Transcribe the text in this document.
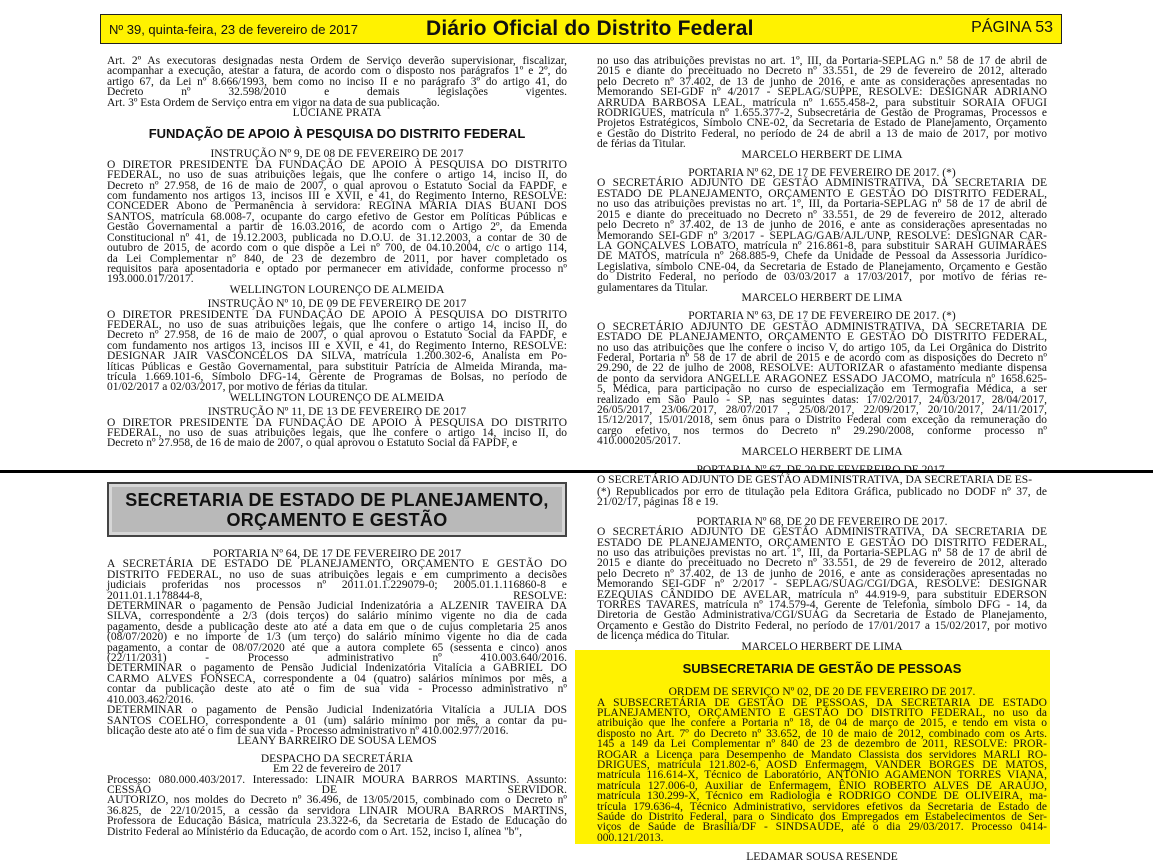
Nº 39, quinta-feira, 23 de fevereiro de 2017	Diário Oficial do Distrito Federal	PÁGINA 53

Art. 2º As executoras designadas nesta Ordem de Serviço deverão supervisionar, fiscalizar,

acompanhar a execução, atestar a fatura, de acordo com o disposto nos parágrafos 1º e 2º, do

artigo 67, da Lei nº 8.666/1993, bem como no inciso II e no parágrafo 3º do artigo 41, do

Decreto nº 32.598/2010 e demais legislações vigentes.

Art. 3º Esta Ordem de Serviço entra em vigor na data de sua publicação.

LUCIANE PRATA

FUNDAÇÃO DE APOIO À PESQUISA DO DISTRITO FEDERAL

INSTRUÇÃO Nº 9, DE 08 DE FEVEREIRO DE 2017

O DIRETOR PRESIDENTE DA FUNDAÇÃO DE APOIO À PESQUISA DO DISTRITO

FEDERAL, no uso de suas atribuições legais, que lhe confere o artigo 14, inciso II, do

Decreto nº 27.958, de 16 de maio de 2007, o qual aprovou o Estatuto Social da FAPDF, e

com fundamento nos artigos 13, incisos III e XVII, e 41, do Regimento Interno, RESOLVE:

CONCEDER Abono de Permanência à servidora: REGINA MARIA DIAS BUANI DOS

SANTOS, matrícula 68.008-7, ocupante do cargo efetivo de Gestor em Políticas Públicas e

Gestão Governamental a partir de 16.03.2016, de acordo com o Artigo 2º, da Emenda

Constitucional nº 41, de 19.12.2003, publicada no D.O.U. de 31.12.2003, a contar de 30 de

outubro de 2015, de acordo com o que dispõe a Lei nº 700, de 04.10.2004, c/c o artigo 114,

da Lei Complementar nº 840, de 23 de dezembro de 2011, por haver completado os

requisitos para aposentadoria e optado por permanecer em atividade, conforme processo nº

193.000.017/2017.

WELLINGTON LOURENÇO DE ALMEIDA

INSTRUÇÃO Nº 10, DE 09 DE FEVEREIRO DE 2017

O DIRETOR PRESIDENTE DA FUNDAÇÃO DE APOIO À PESQUISA DO DISTRITO

FEDERAL, no uso de suas atribuições legais, que lhe confere o artigo 14, inciso II, do

Decreto nº 27.958, de 16 de maio de 2007, o qual aprovou o Estatuto Social da FAPDF, e

com fundamento nos artigos 13, incisos III e XVII, e 41, do Regimento Interno, RESOLVE:

DESIGNAR JAIR VASCONCELOS DA SILVA, matrícula 1.200.302-6, Analista em Po-

líticas Públicas e Gestão Governamental, para substituir Patrícia de Almeida Miranda, ma-

trícula 1.669.101-6, Símbolo DFG-14, Gerente de Programas de Bolsas, no período de

01/02/2017 a 02/03/2017, por motivo de férias da titular.

WELLINGTON LOURENÇO DE ALMEIDA

INSTRUÇÃO Nº 11, DE 13 DE FEVEREIRO DE 2017

O DIRETOR PRESIDENTE DA FUNDAÇÃO DE APOIO À PESQUISA DO DISTRITO

FEDERAL, no uso de suas atribuições legais, que lhe confere o artigo 14, inciso II, do

Decreto nº 27.958, de 16 de maio de 2007, o qual aprovou o Estatuto Social da FAPDF, e

no uso das atribuições previstas no art. 1º, III, da Portaria-SEPLAG n.º 58 de 17 de abril de

2015 e diante do preceituado no Decreto nº 33.551, de 29 de fevereiro de 2012, alterado

pelo Decreto nº 37.402, de 13 de junho de 2016, e ante as considerações apresentadas no

Memorando SEI-GDF nº 4/2017 - SEPLAG/SUPPE, RESOLVE: DESIGNAR ADRIANO

ARRUDA BARBOSA LEAL, matrícula nº 1.655.458-2, para substituir SORAIA OFUGI

RODRIGUES, matrícula nº 1.655.377-2, Subsecretária de Gestão de Programas, Processos e

Projetos Estratégicos, Símbolo CNE-02, da Secretaria de Estado de Planejamento, Orçamento

e Gestão do Distrito Federal, no período de 24 de abril a 13 de maio de 2017, por motivo

de férias da Titular.

MARCELO HERBERT DE LIMA

PORTARIA Nº 62, DE 17 DE FEVEREIRO DE 2017. (*)

O SECRETÁRIO ADJUNTO DE GESTÃO ADMINISTRATIVA, DA SECRETARIA DE

ESTADO DE PLANEJAMENTO, ORÇAMENTO E GESTÃO DO DISTRITO FEDERAL,

no uso das atribuições previstas no art. 1º, III, da Portaria-SEPLAG nº 58 de 17 de abril de

2015 e diante do preceituado no Decreto nº 33.551, de 29 de fevereiro de 2012, alterado

pelo Decreto nº 37.402, de 13 de junho de 2016, e ante as considerações apresentadas no

Memorando SEI-GDF nº 3/2017 - SEPLAG/GAB/AJL/UNP, RESOLVE: DESIGNAR CAR-

LA GONÇALVES LOBATO, matrícula nº 216.861-8, para substituir SARAH GUIMARÃES

DE MATOS, matrícula nº 268.885-9, Chefe da Unidade de Pessoal da Assessoria Jurídico-

Legislativa, símbolo CNE-04, da Secretaria de Estado de Planejamento, Orçamento e Gestão

do Distrito Federal, no período de 03/03/2017 a 17/03/2017, por motivo de férias re-

gulamentares da Titular.

MARCELO HERBERT DE LIMA

PORTARIA Nº 63, DE 17 DE FEVEREIRO DE 2017. (*)

O SECRETÁRIO ADJUNTO DE GESTÃO ADMINISTRATIVA, DA SECRETARIA DE

ESTADO DE PLANEJAMENTO, ORÇAMENTO E GESTÃO DO DISTRITO FEDERAL,

no uso das atribuições que lhe confere o inciso V, do artigo 105, da Lei Orgânica do Distrito

Federal, Portaria nº 58 de 17 de abril de 2015 e de acordo com as disposições do Decreto nº

29.290, de 22 de julho de 2008, RESOLVE: AUTORIZAR o afastamento mediante dispensa

de ponto da servidora ANGELLE ARAGONEZ ESSADO JACOMO, matrícula nº 1658.625-

5, Médica, para participação no curso de especialização em Termografia Médica, a ser

realizado em São Paulo - SP, nas seguintes datas: 17/02/2017, 24/03/2017, 28/04/2017,

26/05/2017, 23/06/2017, 28/07/2017 , 25/08/2017, 22/09/2017, 20/10/2017, 24/11/2017,

15/12/2017, 15/01/2018, sem ônus para o Distrito Federal com exceção da remuneração do

cargo efetivo, nos termos do Decreto nº 29.290/2008, conforme processo nº

410.000205/2017.

MARCELO HERBERT DE LIMA

O SECRETÁRIO ADJUNTO DE GESTÃO ADMINISTRATIVA, DA SECRETARIA DE ES-

SECRETARIA DE ESTADO DE PLANEJAMENTO,
ORÇAMENTO E GESTÃO

PORTARIA Nº 64, DE 17 DE FEVEREIRO DE 2017

A SECRETÁRIA DE ESTADO DE PLANEJAMENTO, ORÇAMENTO E GESTÃO DO

DISTRITO FEDERAL, no uso de suas atribuições legais e em cumprimento a decisões

judiciais proferidas nos processos nº 2011.01.1.229079-0; 2005.01.1.116860-8 e

2011.01.1.178844-8, RESOLVE:

DETERMINAR o pagamento de Pensão Judicial Indenizatória a ALZENIR TAVEIRA DA

SILVA, correspondente a 2/3 (dois terços) do salário mínimo vigente no dia de cada

pagamento, desde a publicação deste ato até a data em que o de cujus completaria 25 anos

(08/07/2020) e no importe de 1/3 (um terço) do salário mínimo vigente no dia de cada

pagamento, a contar de 08/07/2020 até que a autora complete 65 (sessenta e cinco) anos

(22/11/2031) - Processo administrativo nº 410.003.640/2016.

DETERMINAR o pagamento de Pensão Judicial Indenizatória Vitalícia a GABRIEL DO

CARMO ALVES FONSECA, correspondente a 04 (quatro) salários mínimos por mês, a

contar da publicação deste ato até o fim de sua vida - Processo administrativo nº

410.003.462/2016.

DETERMINAR o pagamento de Pensão Judicial Indenizatória Vitalícia a JULIA DOS

SANTOS COELHO, correspondente a 01 (um) salário mínimo por mês, a contar da pu-

blicação deste ato até o fim de sua vida - Processo administrativo nº 410.002.977/2016.

LEANY BARREIRO DE SOUSA LEMOS

DESPACHO DA SECRETÁRIA

Em 22 de fevereiro de 2017

Processo: 080.000.403/2017. Interessado: LINAIR MOURA BARROS MARTINS. Assunto:

CESSÃO DE SERVIDOR.

AUTORIZO, nos moldes do Decreto nº 36.496, de 13/05/2015, combinado com o Decreto nº

36.825, de 22/10/2015, a cessão da servidora LINAIR MOURA BARROS MARTINS,

Professora de Educação Básica, matrícula 23.322-6, da Secretaria de Estado de Educação do

Distrito Federal ao Ministério da Educação, de acordo com o Art. 152, inciso I, alínea "b",

(*) Republicados por erro de titulação pela Editora Gráfica, publicado no DODF nº 37, de

21/02/17, páginas 18 e 19.

PORTARIA Nº 68, DE 20 DE FEVEREIRO DE 2017.

O SECRETÁRIO ADJUNTO DE GESTÃO ADMINISTRATIVA, DA SECRETARIA DE

ESTADO DE PLANEJAMENTO, ORÇAMENTO E GESTÃO DO DISTRITO FEDERAL,

no uso das atribuições previstas no art. 1º, III, da Portaria-SEPLAG nº 58 de 17 de abril de

2015 e diante do preceituado no Decreto nº 33.551, de 29 de fevereiro de 2012, alterado

pelo Decreto nº 37.402, de 13 de junho de 2016, e ante as considerações apresentadas no

Memorando SEI-GDF nº 2/2017 - SEPLAG/SUAG/CGI/DGA, RESOLVE: DESIGNAR

EZEQUIAS CÂNDIDO DE AVELAR, matrícula nº 44.919-9, para substituir EDERSON

TORRES TAVARES, matrícula nº 174.579-4, Gerente de Telefonia, símbolo DFG - 14, da

Diretoria de Gestão Administrativa/CGI/SUAG da Secretaria de Estado de Planejamento,

Orçamento e Gestão do Distrito Federal, no período de 17/01/2017 a 15/02/2017, por motivo

de licença médica do Titular.

MARCELO HERBERT DE LIMA

SUBSECRETARIA DE GESTÃO DE PESSOAS

ORDEM DE SERVIÇO Nº 02, DE 20 DE FEVEREIRO DE 2017.

A SUBSECRETÁRIA DE GESTÃO DE PESSOAS, DA SECRETARIA DE ESTADO

PLANEJAMENTO, ORÇAMENTO E GESTÃO DO DISTRITO FEDERAL, no uso da

atribuição que lhe confere a Portaria nº 18, de 04 de março de 2015, e tendo em vista o

disposto no Art. 7º do Decreto nº 33.652, de 10 de maio de 2012, combinado com os Arts.

145 a 149 da Lei Complementar nº 840 de 23 de dezembro de 2011, RESOLVE: PROR-

ROGAR a Licença para Desempenho de Mandato Classista dos servidores MARLI RO-

DRIGUES, matrícula 121.802-6, AOSD Enfermagem, VANDER BORGES DE MATOS,

matrícula 116.614-X, Técnico de Laboratório, ANTÔNIO AGAMENON TORRES VIANA,

matrícula 127.006-0, Auxiliar de Enfermagem, ÊNIO ROBERTO ALVES DE ARAÚJO,

matrícula 130.299-X, Técnico em Radiologia e RODRIGO CONDE DE OLIVEIRA, ma-

trícula 179.636-4, Técnico Administrativo, servidores efetivos da Secretaria de Estado de

Saúde do Distrito Federal, para o Sindicato dos Empregados em Estabelecimentos de Ser-

viços de Saúde de Brasília/DF - SINDSAÚDE, até o dia 29/03/2017. Processo 0414-

000.121/2013.

LEDAMAR SOUSA RESENDE
